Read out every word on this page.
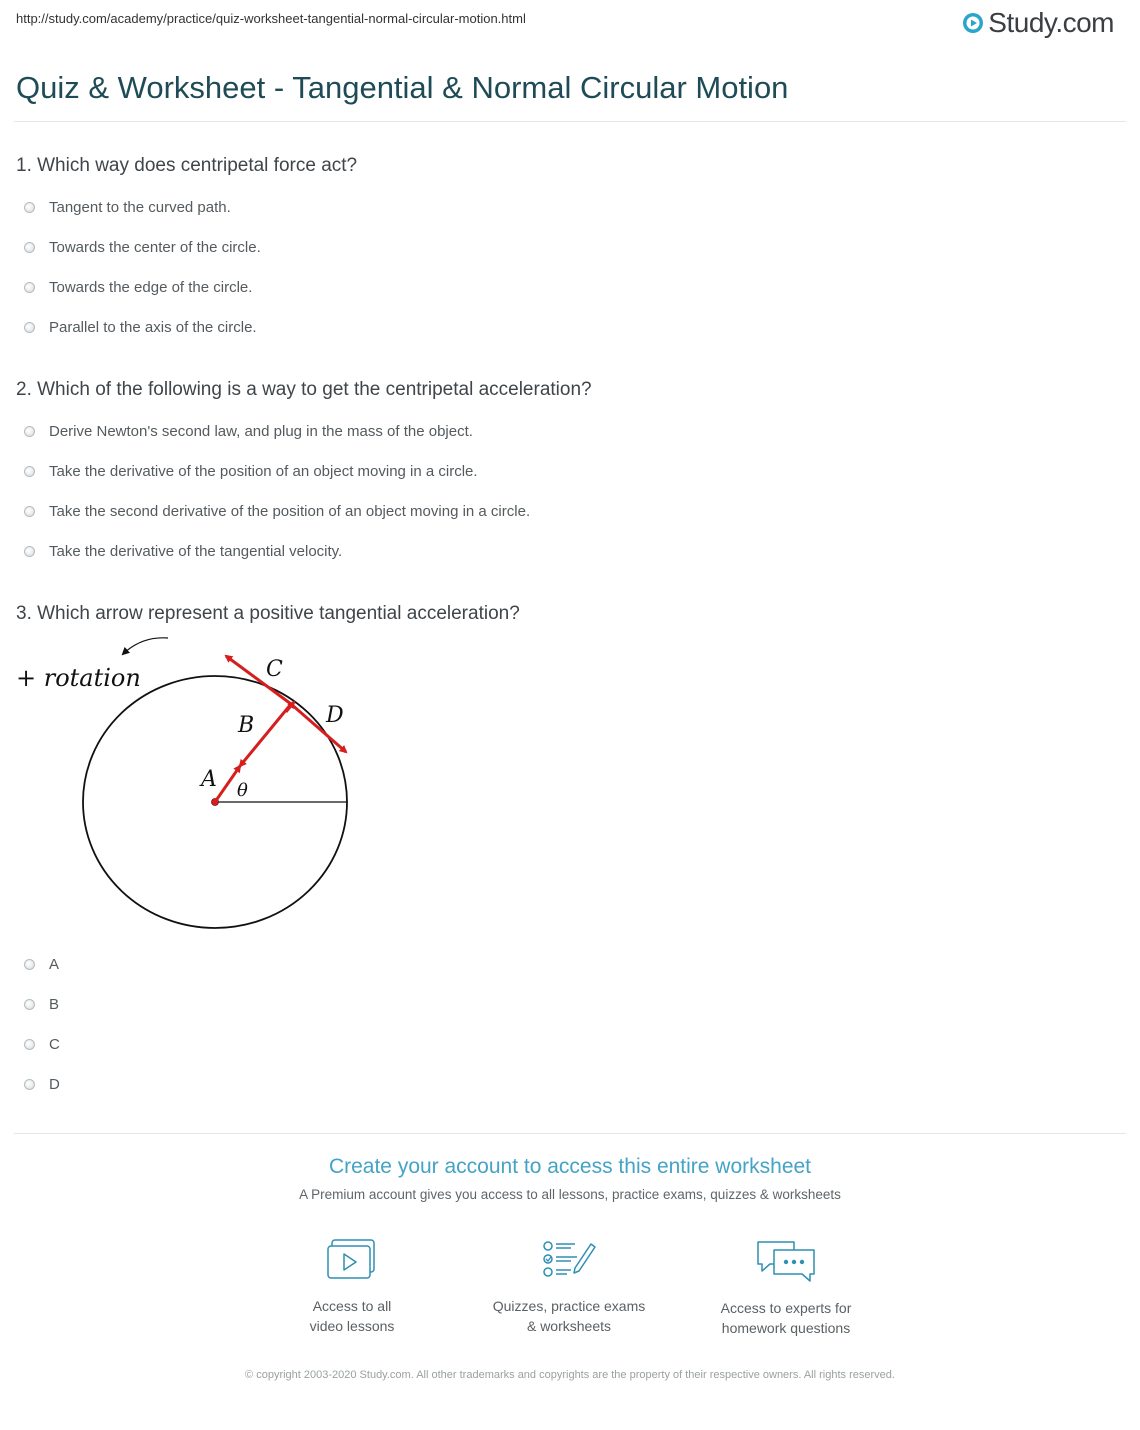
http://study.com/academy/practice/quiz-worksheet-tangential-normal-circular-motion.html	Study.com
Quiz & Worksheet - Tangential & Normal Circular Motion
1. Which way does centripetal force act?
Tangent to the curved path.
Towards the center of the circle.
Towards the edge of the circle.
Parallel to the axis of the circle.
2. Which of the following is a way to get the centripetal acceleration?
Derive Newton's second law, and plug in the mass of the object.
Take the derivative of the position of an object moving in a circle.
Take the second derivative of the position of an object moving in a circle.
Take the derivative of the tangential velocity.
3. Which arrow represent a positive tangential acceleration?
+ rotation
A
B
C
D
θ
A
B
C
D
Create your account to access this entire worksheet
A Premium account gives you access to all lessons, practice exams, quizzes & worksheets
Access to all
video lessons
Quizzes, practice exams
& worksheets
Access to experts for
homework questions
© copyright 2003-2020 Study.com. All other trademarks and copyrights are the property of their respective owners. All rights reserved.
